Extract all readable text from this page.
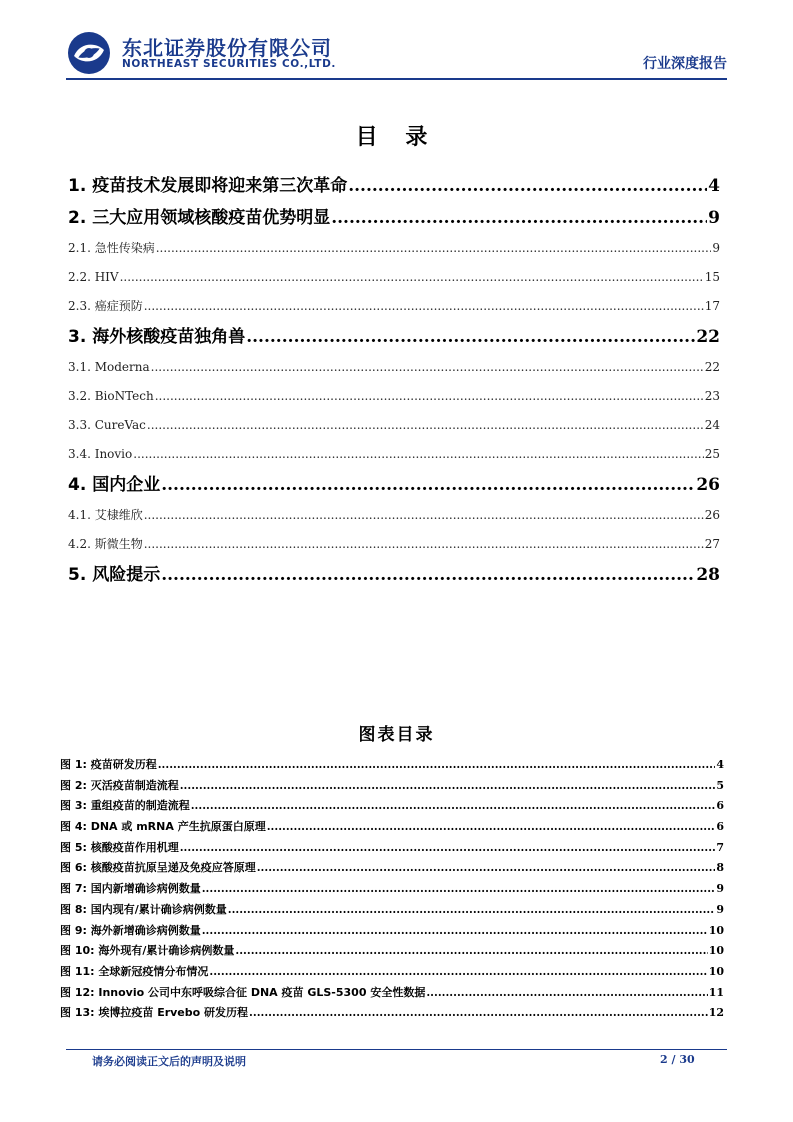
东北证券股份有限公司
NORTHEAST SECURITIES CO.,LTD.	行业深度报告
目 录
1. 疫苗技术发展即将迎来第三次革命 .....	4
2. 三大应用领域核酸疫苗优势明显 .....	9
2.1. 急性传染病 .....	9
2.2. HIV .....	15
2.3. 癌症预防 .....	17
3. 海外核酸疫苗独角兽 .....	22
3.1. Moderna .....	22
3.2. BioNTech .....	23
3.3. CureVac .....	24
3.4. Inovio .....	25
4. 国内企业 .....	26
4.1. 艾棣维欣 .....	26
4.2. 斯微生物 .....	27
5. 风险提示 .....	28
图表目录
图 1: 疫苗研发历程 .....	4
图 2: 灭活疫苗制造流程 .....	5
图 3: 重组疫苗的制造流程 .....	6
图 4: DNA 或 mRNA 产生抗原蛋白原理 .....	6
图 5: 核酸疫苗作用机理 .....	7
图 6: 核酸疫苗抗原呈递及免疫应答原理 .....	8
图 7: 国内新增确诊病例数量 .....	9
图 8: 国内现有/累计确诊病例数量 .....	9
图 9: 海外新增确诊病例数量 .....	10
图 10: 海外现有/累计确诊病例数量 .....	10
图 11: 全球新冠疫情分布情况 .....	10
图 12: Innovio 公司中东呼吸综合征 DNA 疫苗 GLS-5300 安全性数据 .....	11
图 13: 埃博拉疫苗 Ervebo 研发历程 .....	12
请务必阅读正文后的声明及说明	2 / 30
